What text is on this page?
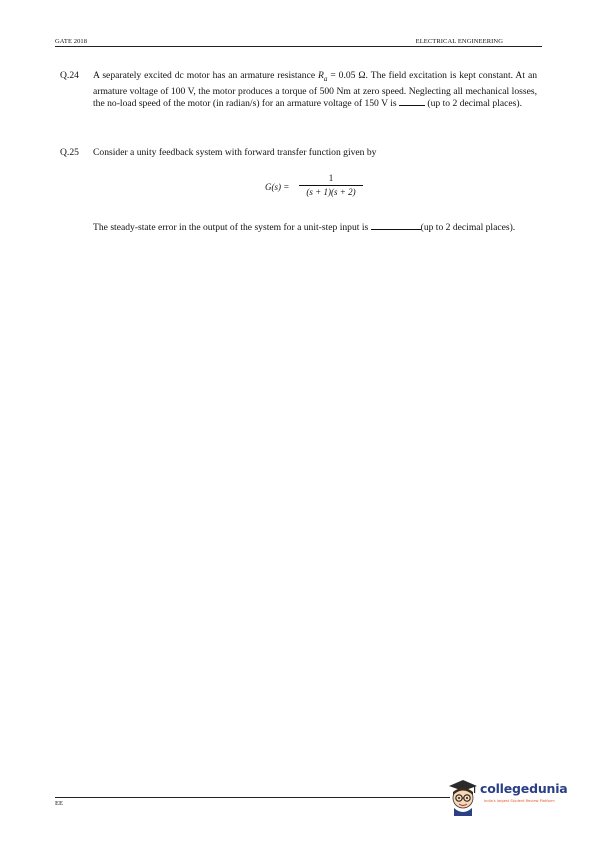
GATE 2018	ELECTRICAL ENGINEERING
Q.24 A separately excited dc motor has an armature resistance $R_a = 0.05$ Ω. The field excitation is kept constant. At an armature voltage of 100 V, the motor produces a torque of 500 Nm at zero speed. Neglecting all mechanical losses, the no-load speed of the motor (in radian/s) for an armature voltage of 150 V is	(up to 2 decimal places).
Q.25 Consider a unity feedback system with forward transfer function given by
G(s) =
1
(s + 1)(s + 2)
The steady-state error in the output of the system for a unit-step input is	(up to 2 decimal places).
EE
collegedunia
India's largest Student Review Platform
